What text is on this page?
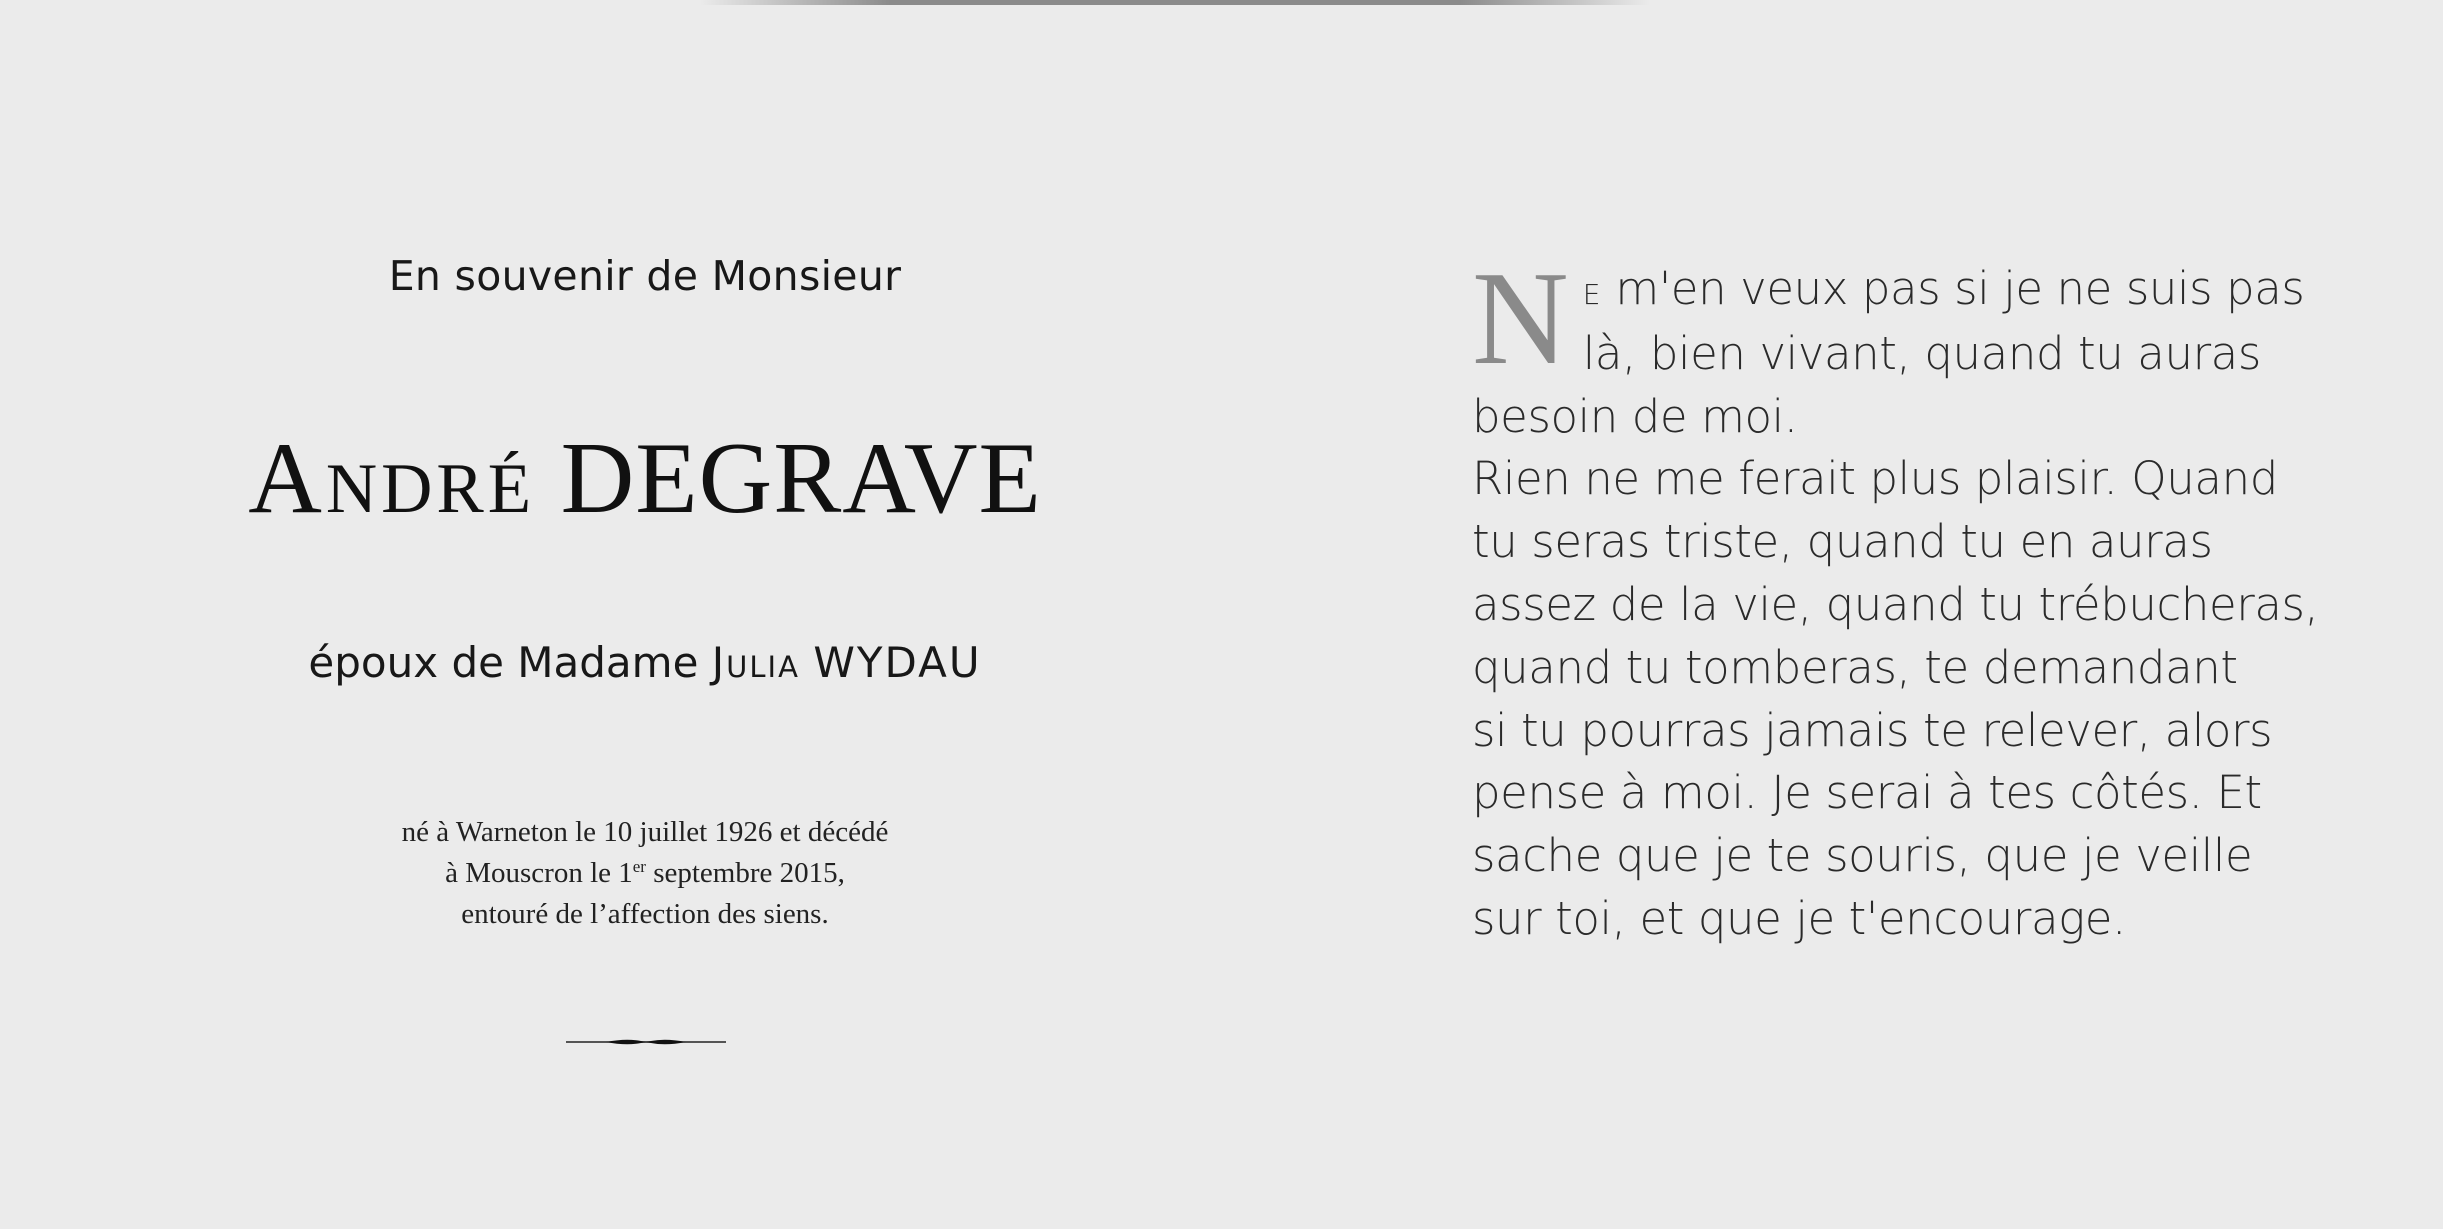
En souvenir de Monsieur
André DEGRAVE
époux de Madame Julia WYDAU
né à Warneton le 10 juillet 1926 et décédé
à Mouscron le 1er septembre 2015,
entouré de l’affection des siens.

N e m'en veux pas si je ne suis pas
là, bien vivant, quand tu auras
besoin de moi.
Rien ne me ferait plus plaisir. Quand
tu seras triste, quand tu en auras
assez de la vie, quand tu trébucheras,
quand tu tomberas, te demandant
si tu pourras jamais te relever, alors
pense à moi. Je serai à tes côtés. Et
sache que je te souris, que je veille
sur toi, et que je t'encourage.
